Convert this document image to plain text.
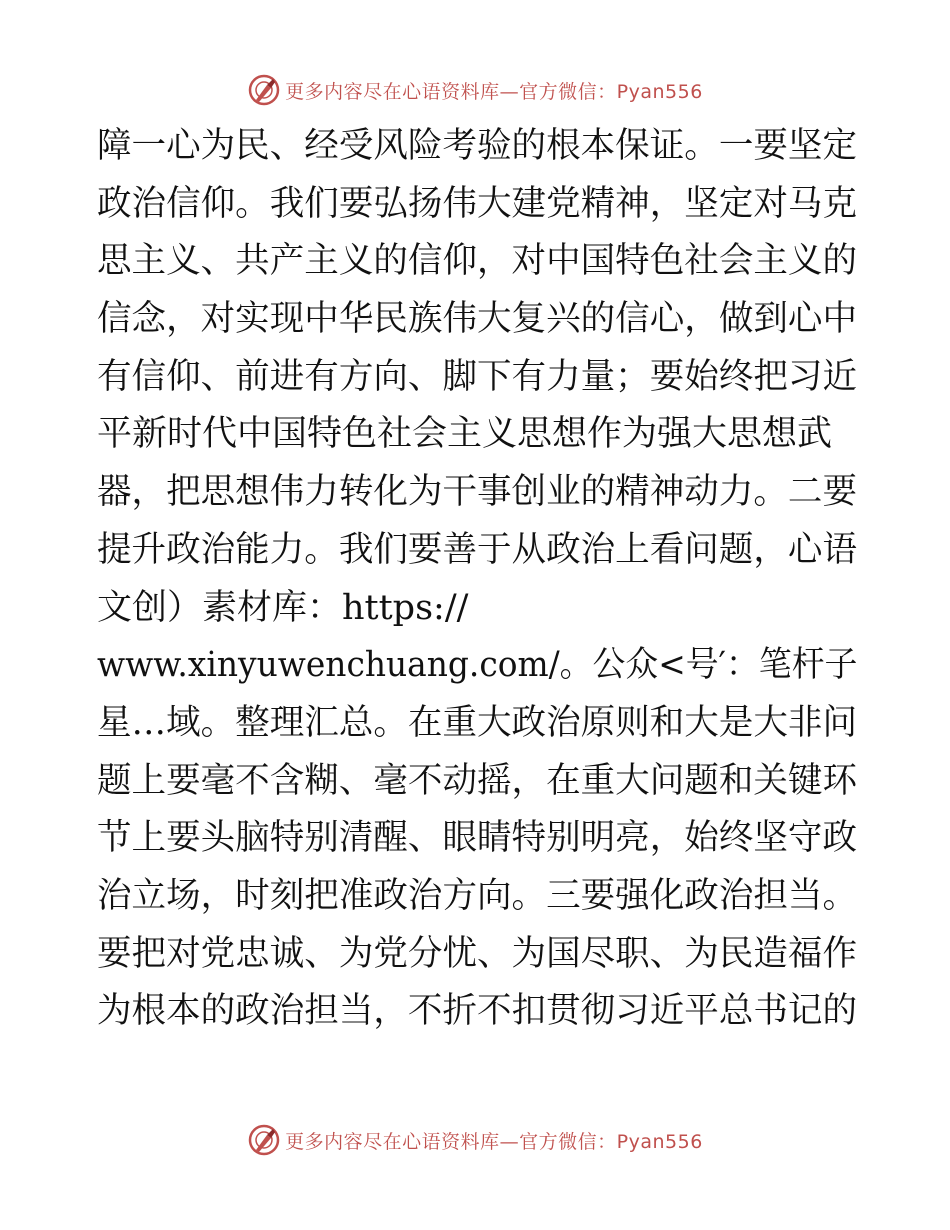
更多内容尽在心语资料库—官方微信：Pyan556
障一心为民、经受风险考验的根本保证。一要坚定
政治信仰。我们要弘扬伟大建党精神，坚定对马克
思主义、共产主义的信仰，对中国特色社会主义的
信念，对实现中华民族伟大复兴的信心，做到心中
有信仰、前进有方向、脚下有力量；要始终把习近
平新时代中国特色社会主义思想作为强大思想武
器，把思想伟力转化为干事创业的精神动力。二要
提升政治能力。我们要善于从政治上看问题，心语
文创）素材库：https://
www.xinyuwenchuang.com/。公众<号′：笔杆子
星…域。整理汇总。在重大政治原则和大是大非问
题上要毫不含糊、毫不动摇，在重大问题和关键环
节上要头脑特别清醒、眼睛特别明亮，始终坚守政
治立场，时刻把准政治方向。三要强化政治担当。
要把对党忠诚、为党分忧、为国尽职、为民造福作
为根本的政治担当，不折不扣贯彻习近平总书记的
更多内容尽在心语资料库—官方微信：Pyan556
